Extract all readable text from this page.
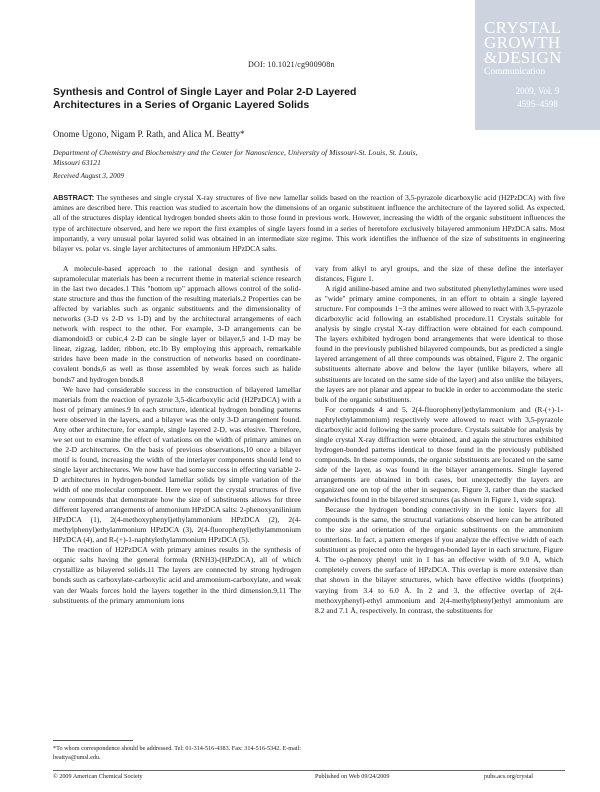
DOI: 10.1021/cg900908n
CRYSTAL
GROWTH
&DESIGN
Communication
2009, Vol. 9
4595–4598
Synthesis and Control of Single Layer and Polar 2-D Layered
Architectures in a Series of Organic Layered Solids
Onome Ugono, Nigam P. Rath, and Alica M. Beatty*
Department of Chemistry and Biochemistry and the Center for Nanoscience, University of Missouri-St. Louis, St. Louis, Missouri 63121
Received August 3, 2009
ABSTRACT: The syntheses and single crystal X-ray structures of five new lamellar solids based on the reaction of 3,5-pyrazole dicarboxylic acid (H2PzDCA) with five amines are described here. This reaction was studied to ascertain how the dimensions of an organic substituent influence the architecture of the layered solid. As expected, all of the structures display identical hydrogen bonded sheets akin to those found in previous work. However, increasing the width of the organic substituent influences the type of architecture observed, and here we report the first examples of single layers found in a series of heretofore exclusively bilayered ammonium HPzDCA salts. Most importantly, a very unusual polar layered solid was obtained in an intermediate size regime. This work identifies the influence of the size of substituents in engineering bilayer vs. polar vs. single layer architectures of ammonium HPzDCA salts.

A molecule-based approach to the rational design and synthesis of supramolecular materials has been a recurrent theme in material science research in the last two decades.1 This "bottom up" approach allows control of the solid-state structure and thus the function of the resulting materials.2 Properties can be affected by variables such as organic substituents and the dimensionality of networks (3-D vs 2-D vs 1-D) and by the architectural arrangements of each network with respect to the other. For example, 3-D arrangements can be diamondoid3 or cubic,4 2-D can be single layer or bilayer,5 and 1-D may be linear, zigzag, ladder, ribbon, etc.1b By employing this approach, remarkable strides have been made in the construction of networks based on coordinate-covalent bonds,6 as well as those assembled by weak forces such as halide bonds7 and hydrogen bonds.8

We have had considerable success in the construction of bilayered lamellar materials from the reaction of pyrazole 3,5-dicarboxylic acid (H2PzDCA) with a host of primary amines.9 In each structure, identical hydrogen bonding patterns were observed in the layers, and a bilayer was the only 3-D arrangement found. Any other architecture, for example, single layered 2-D, was elusive. Therefore, we set out to examine the effect of variations on the width of primary amines on the 2-D architectures. On the basis of previous observations,10 once a bilayer motif is found, increasing the width of the interlayer components should lend to single layer architectures. We now have had some success in effecting variable 2-D architectures in hydrogen-bonded lamellar solids by simple variation of the width of one molecular component. Here we report the crystal structures of five new compounds that demonstrate how the size of substituents allows for three different layered arrangements of ammonium HPzDCA salts: 2-phenoxyanilinium HPzDCA (1), 2(4-methoxyphenyl)ethylammonium HPzDCA (2), 2(4-methylphenyl)ethylammonium HPzDCA (3), 2(4-fluorophenyl)ethylammonium HPzDCA (4), and R-(+)-1-naphtylethylammonium HPzDCA (5).

The reaction of H2PzDCA with primary amines results in the synthesis of organic salts having the general formula (RNH3)-(HPzDCA), all of which crystallize as bilayered solids.11 The layers are connected by strong hydrogen bonds such as carboxylate-carboxylic acid and ammonium-carboxylate, and weak van der Waals forces hold the layers together in the third dimension.9,11 The substituents of the primary ammonium ions

vary from alkyl to aryl groups, and the size of these define the interlayer distances, Figure 1.

A rigid aniline-based amine and two substituted phenylethylamines were used as "wide" primary amine components, in an effort to obtain a single layered structure. For compounds 1−3 the amines were allowed to react with 3,5-pyrazole dicarboxylic acid following an established procedure.11 Crystals suitable for analysis by single crystal X-ray diffraction were obtained for each compound. The layers exhibited hydrogen bond arrangements that were identical to those found in the previously published bilayered compounds, but as predicted a single layered arrangement of all three compounds was obtained, Figure 2. The organic substituents alternate above and below the layer (unlike bilayers, where all substituents are located on the same side of the layer) and also unlike the bilayers, the layers are not planar and appear to buckle in order to accommodate the steric bulk of the organic substituents.

For compounds 4 and 5, 2(4-fluorophenyl)ethylammonium and (R-(+)-1-naphtylethylammonium) respectively were allowed to react with 3,5-pyrazole dicarboxylic acid following the same procedure. Crystals suitable for analysis by single crystal X-ray diffraction were obtained, and again the structures exhibited hydrogen-bonded patterns identical to those found in the previously published compounds. In these compounds, the organic substituents are located on the same side of the layer, as was found in the bilayer arrangements. Single layered arrangements are obtained in both cases, but unexpectedly the layers are organized one on top of the other in sequence, Figure 3, rather than the stacked sandwiches found in the bilayered structures (as shown in Figure 1, vide supra).

Because the hydrogen bonding connectivity in the ionic layers for all compounds is the same, the structural variations observed here can be attributed to the size and orientation of the organic substituents on the ammonium counterions. In fact, a pattern emerges if you analyze the effective width of each substituent as projected onto the hydrogen-bonded layer in each structure, Figure 4. The o-phenoxy phenyl unit in 1 has an effective width of 9.0 Å, which completely covers the surface of HPzDCA. This overlap is more extensive than that shown in the bilayer structures, which have effective widths (footprints) varying from 3.4 to 6.0 Å. In 2 and 3, the effective overlap of 2(4-methoxyphenyl)-ethyl ammonium and 2(4-methylphenyl)ethyl ammonium are 8.2 and 7.1 Å, respectively. In contrast, the substituents for

*To whom correspondence should be addressed. Tel: 01-314-516-4383. Fax: 314-516-5342. E-mail: beattya@umsl.edu.
© 2009 American Chemical Society	Published on Web 09/24/2009	pubs.acs.org/crystal
